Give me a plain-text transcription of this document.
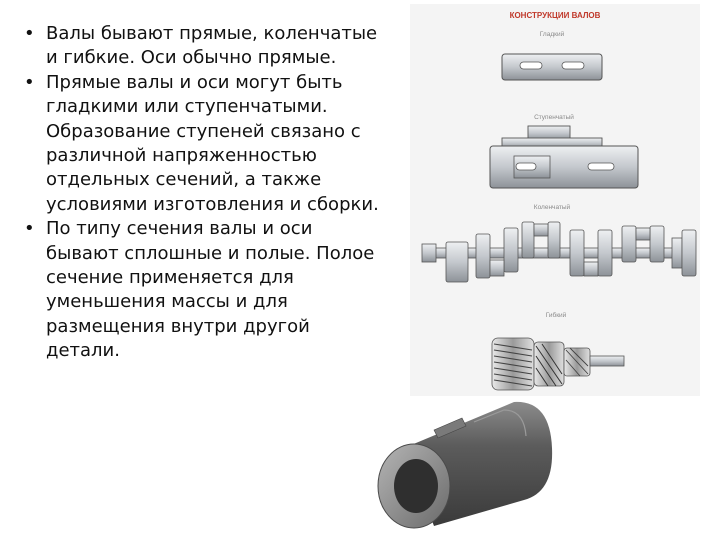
• Валы бывают прямые, коленчатые и гибкие. Оси обычно прямые.
• Прямые валы и оси могут быть гладкими или ступенчатыми. Образование ступеней связано с различной напряженностью отдельных сечений, а также условиями изготовления и сборки.
• По типу сечения валы и оси бывают сплошные и полые. Полое сечение применяется для уменьшения массы и для размещения внутри другой детали.
КОНСТРУКЦИИ ВАЛОВ
Гладкий
Ступенчатый
Коленчатый
Гибкий
